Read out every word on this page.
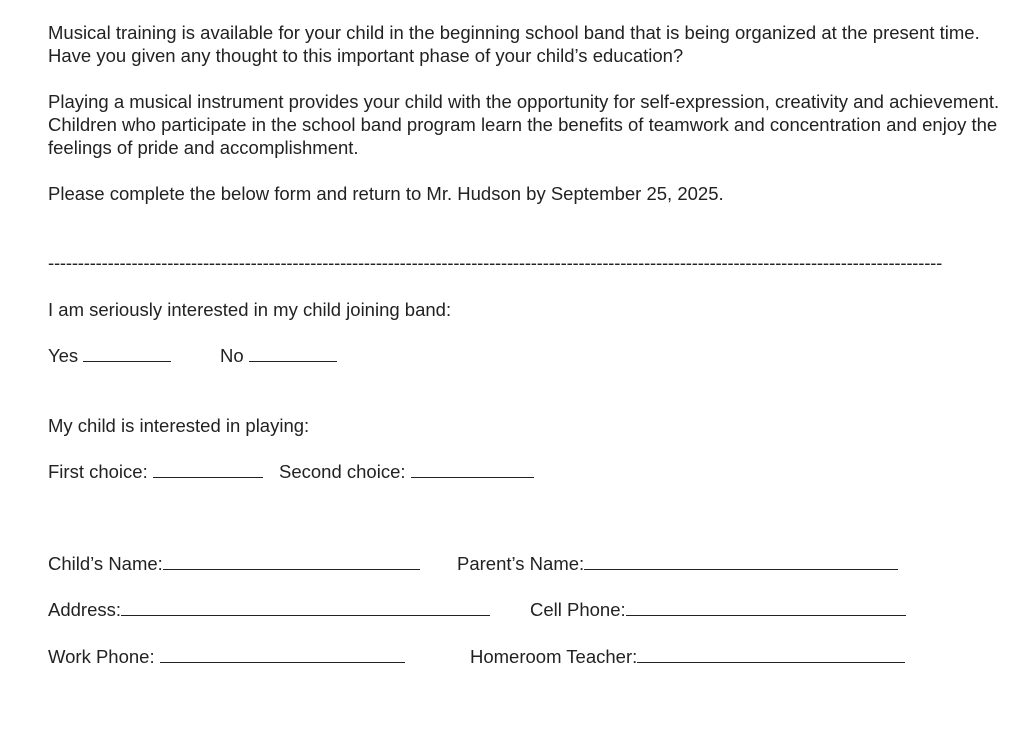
Musical training is available for your child in the beginning school band that is being organized at the present time. Have you given any thought to this important phase of your child’s education?

Playing a musical instrument provides your child with the opportunity for self-expression, creativity and achievement. Children who participate in the school band program learn the benefits of teamwork and concentration and enjoy the feelings of pride and accomplishment.

Please complete the below form and return to Mr. Hudson by September 25, 2025.

------------------------------------------------------------------------------------------------------------------------------------------------------
I am seriously interested in my child joining band:
Yes	No
My child is interested in playing:
First choice:	Second choice:
Child’s Name:	Parent’s Name:
Address:	Cell Phone:
Work Phone:	Homeroom Teacher:
